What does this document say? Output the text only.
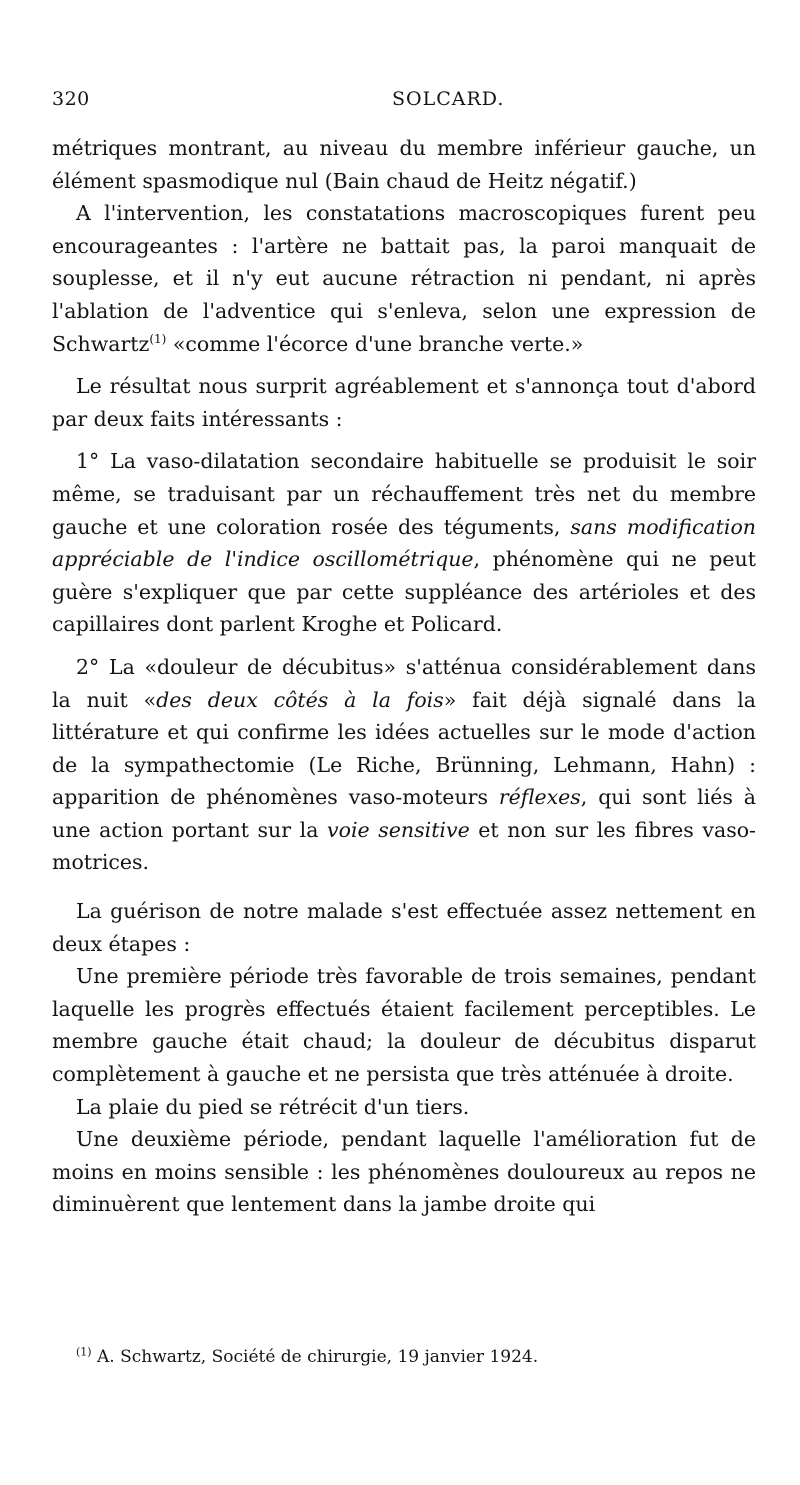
320	SOLCARD.

métriques montrant, au niveau du membre inférieur gauche, un élément spasmodique nul (Bain chaud de Heitz négatif.)

A l'intervention, les constatations macroscopiques furent peu encourageantes : l'artère ne battait pas, la paroi manquait de souplesse, et il n'y eut aucune rétraction ni pendant, ni après l'ablation de l'adventice qui s'enleva, selon une expression de Schwartz$^{(1)}$ «comme l'écorce d'une branche verte.»

Le résultat nous surprit agréablement et s'annonça tout d'abord par deux faits intéressants :

1° La vaso-dilatation secondaire habituelle se produisit le soir même, se traduisant par un réchauffement très net du membre gauche et une coloration rosée des téguments, sans modification appréciable de l'indice oscillométrique, phénomène qui ne peut guère s'expliquer que par cette suppléance des artérioles et des capillaires dont parlent Kroghe et Policard.

2° La «douleur de décubitus» s'atténua considérablement dans la nuit «des deux côtés à la fois» fait déjà signalé dans la littérature et qui confirme les idées actuelles sur le mode d'action de la sympathectomie (Le Riche, Brünning, Lehmann, Hahn) : apparition de phénomènes vaso-moteurs réflexes, qui sont liés à une action portant sur la voie sensitive et non sur les fibres vaso-motrices.

La guérison de notre malade s'est effectuée assez nettement en deux étapes :

Une première période très favorable de trois semaines, pendant laquelle les progrès effectués étaient facilement perceptibles. Le membre gauche était chaud; la douleur de décubitus disparut complètement à gauche et ne persista que très atténuée à droite.

La plaie du pied se rétrécit d'un tiers.

Une deuxième période, pendant laquelle l'amélioration fut de moins en moins sensible : les phénomènes douloureux au repos ne diminuèrent que lentement dans la jambe droite qui

$^{(1)}$ A. Schwartz, Société de chirurgie, 19 janvier 1924.
